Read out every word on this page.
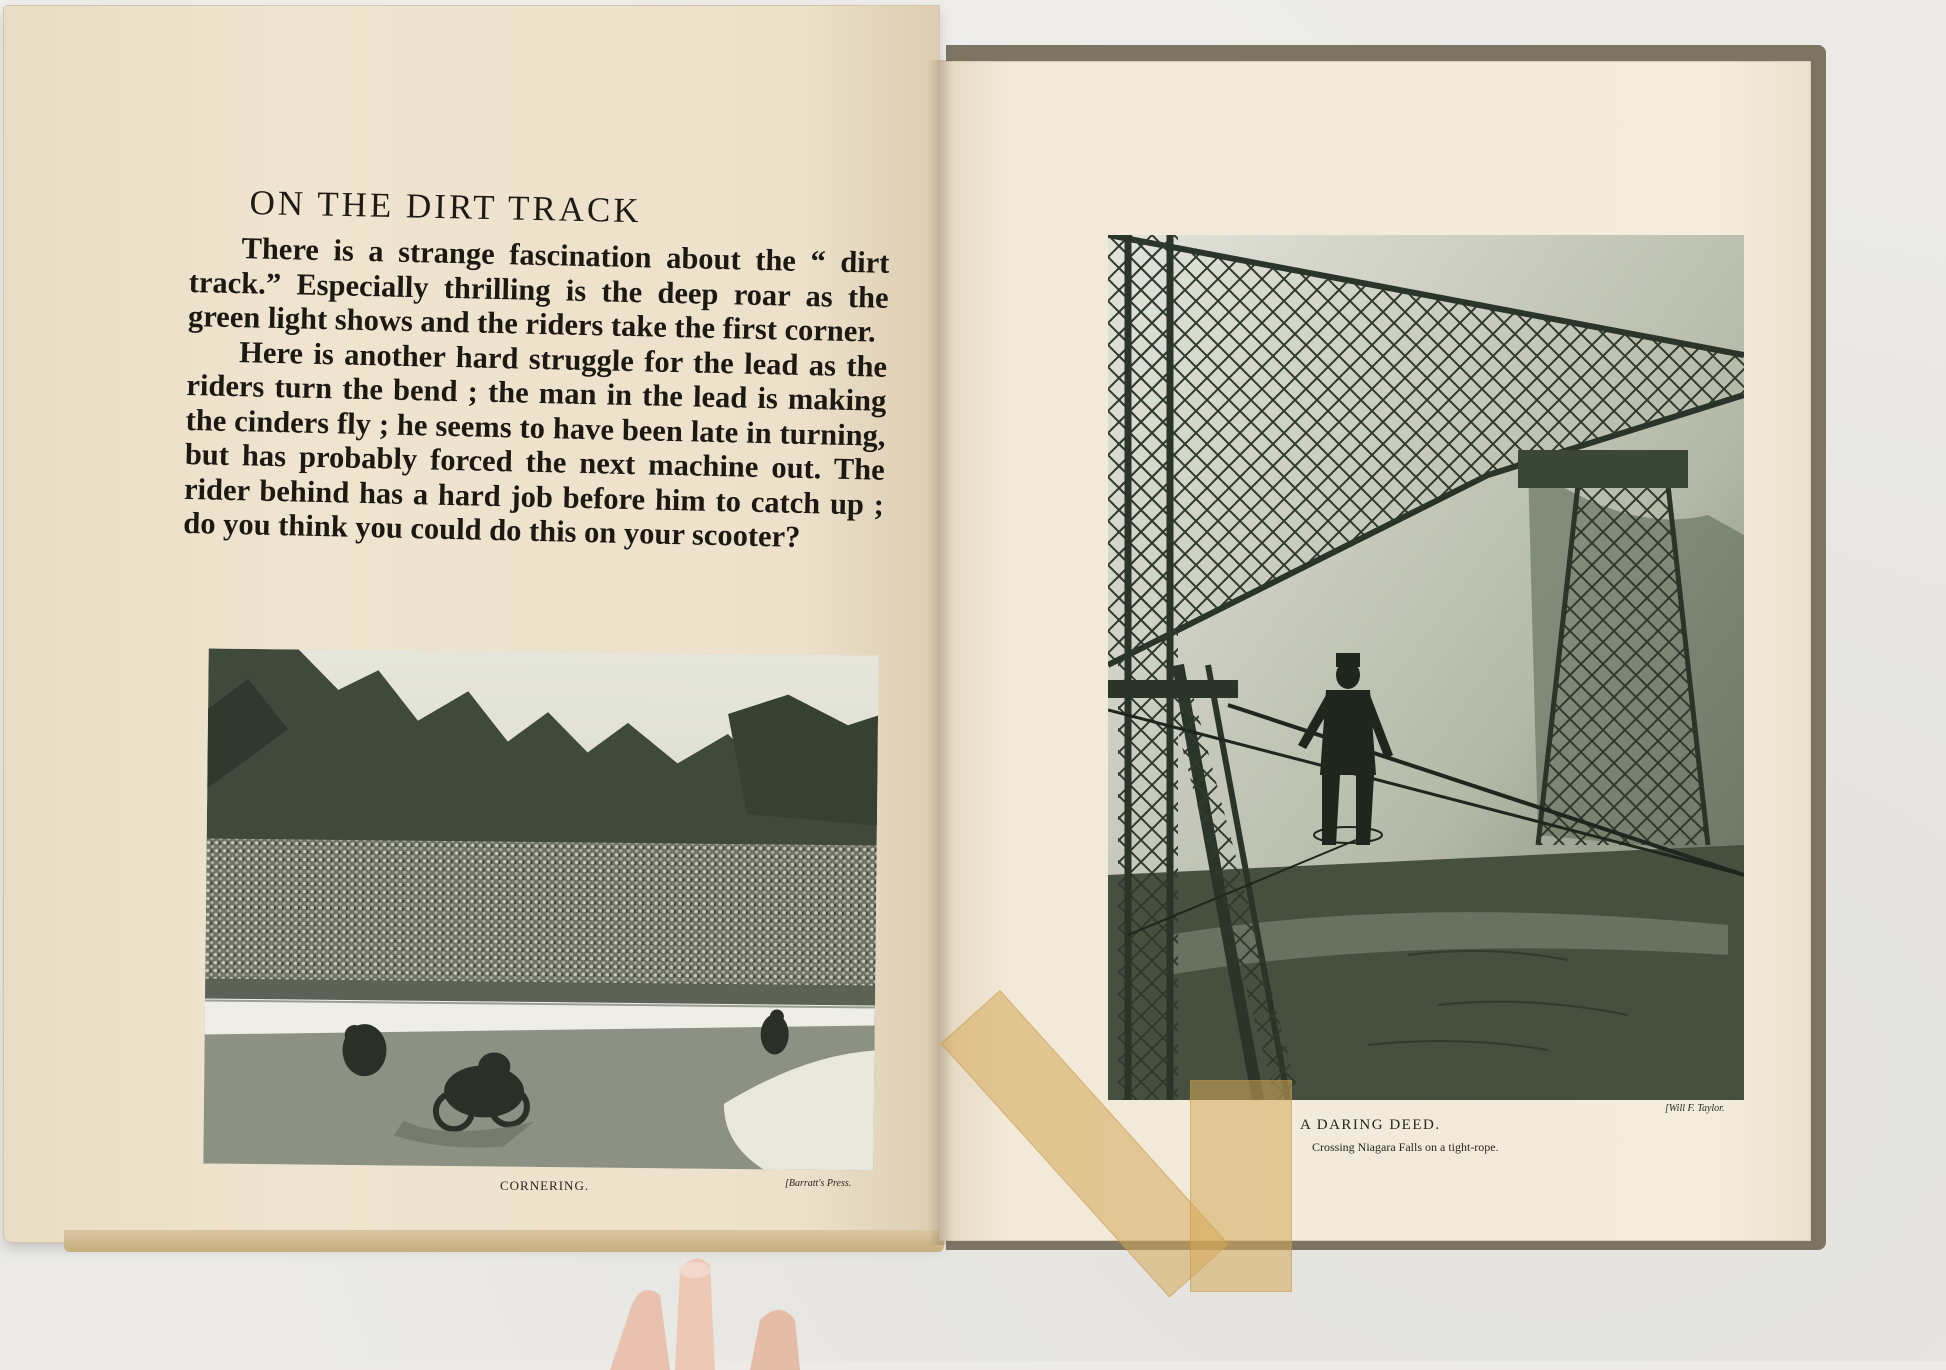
ON THE DIRT TRACK

There is a strange fascination about the “ dirt track.” Especially thrilling is the deep roar as the green light shows and the riders take the first corner.

Here is another hard struggle for the lead as the riders turn the bend ; the man in the lead is making the cinders fly ; he seems to have been late in turning, but has probably forced the next machine out. The rider behind has a hard job before him to catch up ; do you think you could do this on your scooter?

CORNERING.	[Barratt's Press.
[Will F. Taylor.
A DARING DEED.
Crossing Niagara Falls on a tight-rope.
